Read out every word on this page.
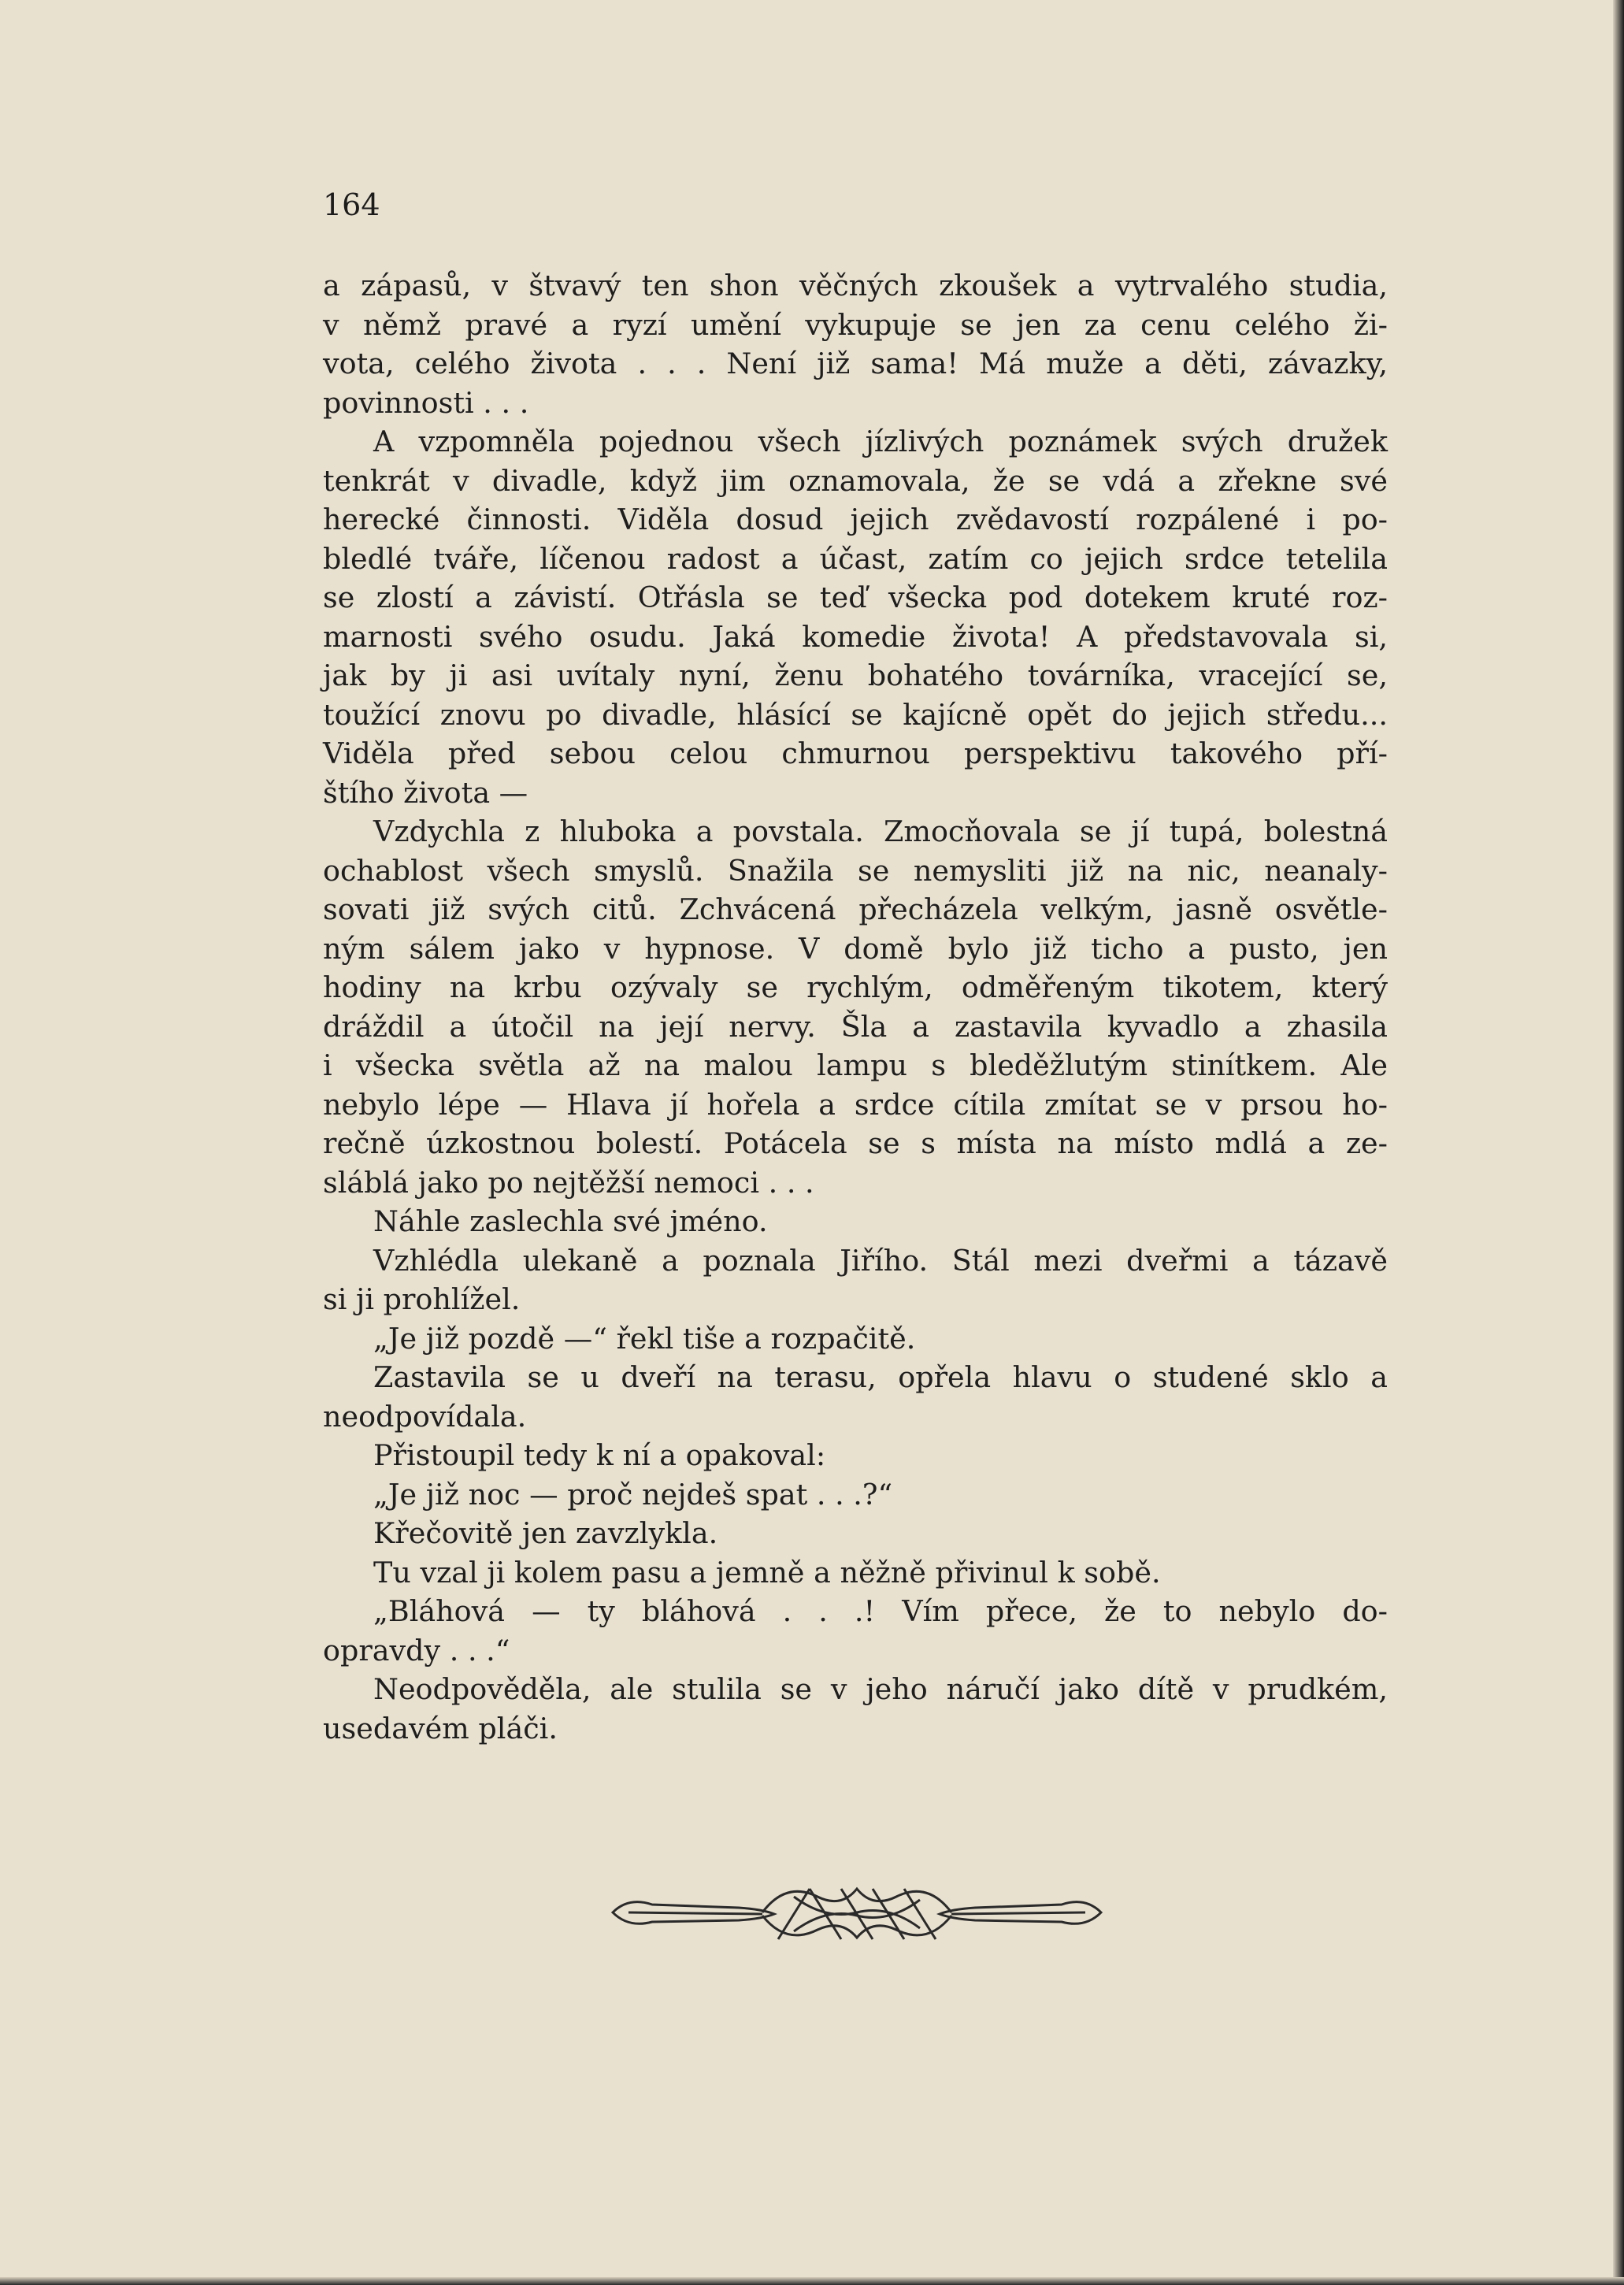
164
a zápasů, v štvavý ten shon věčných zkoušek a vytrvalého studia,
v němž pravé a ryzí umění vykupuje se jen za cenu celého ži-
vota, celého života . . . Není již sama! Má muže a děti, závazky,
povinnosti . . .
A vzpomněla pojednou všech jízlivých poznámek svých družek
tenkrát v divadle, když jim oznamovala, že se vdá a zřekne své
herecké činnosti. Viděla dosud jejich zvědavostí rozpálené i po-
bledlé tváře, líčenou radost a účast, zatím co jejich srdce tetelila
se zlostí a závistí. Otřásla se teď všecka pod dotekem kruté roz-
marnosti svého osudu. Jaká komedie života! A představovala si,
jak by ji asi uvítaly nyní, ženu bohatého továrníka, vracející se,
toužící znovu po divadle, hlásící se kajícně opět do jejich středu...
Viděla před sebou celou chmurnou perspektivu takového pří-
štího života —
Vzdychla z hluboka a povstala. Zmocňovala se jí tupá, bolestná
ochablost všech smyslů. Snažila se nemysliti již na nic, neanaly-
sovati již svých citů. Zchvácená přecházela velkým, jasně osvětle-
ným sálem jako v hypnose. V domě bylo již ticho a pusto, jen
hodiny na krbu ozývaly se rychlým, odměřeným tikotem, který
dráždil a útočil na její nervy. Šla a zastavila kyvadlo a zhasila
i všecka světla až na malou lampu s bleděžlutým stinítkem. Ale
nebylo lépe — Hlava jí hořela a srdce cítila zmítat se v prsou ho-
rečně úzkostnou bolestí. Potácela se s místa na místo mdlá a ze-
sláblá jako po nejtěžší nemoci . . .
Náhle zaslechla své jméno.
Vzhlédla ulekaně a poznala Jiřího. Stál mezi dveřmi a tázavě
si ji prohlížel.
„Je již pozdě —“ řekl tiše a rozpačitě.
Zastavila se u dveří na terasu, opřela hlavu o studené sklo a
neodpovídala.
Přistoupil tedy k ní a opakoval:
„Je již noc — proč nejdeš spat . . .?“
Křečovitě jen zavzlykla.
Tu vzal ji kolem pasu a jemně a něžně přivinul k sobě.
„Bláhová — ty bláhová . . .! Vím přece, že to nebylo do-
opravdy . . .“
Neodpověděla, ale stulila se v jeho náručí jako dítě v prudkém,
usedavém pláči.
